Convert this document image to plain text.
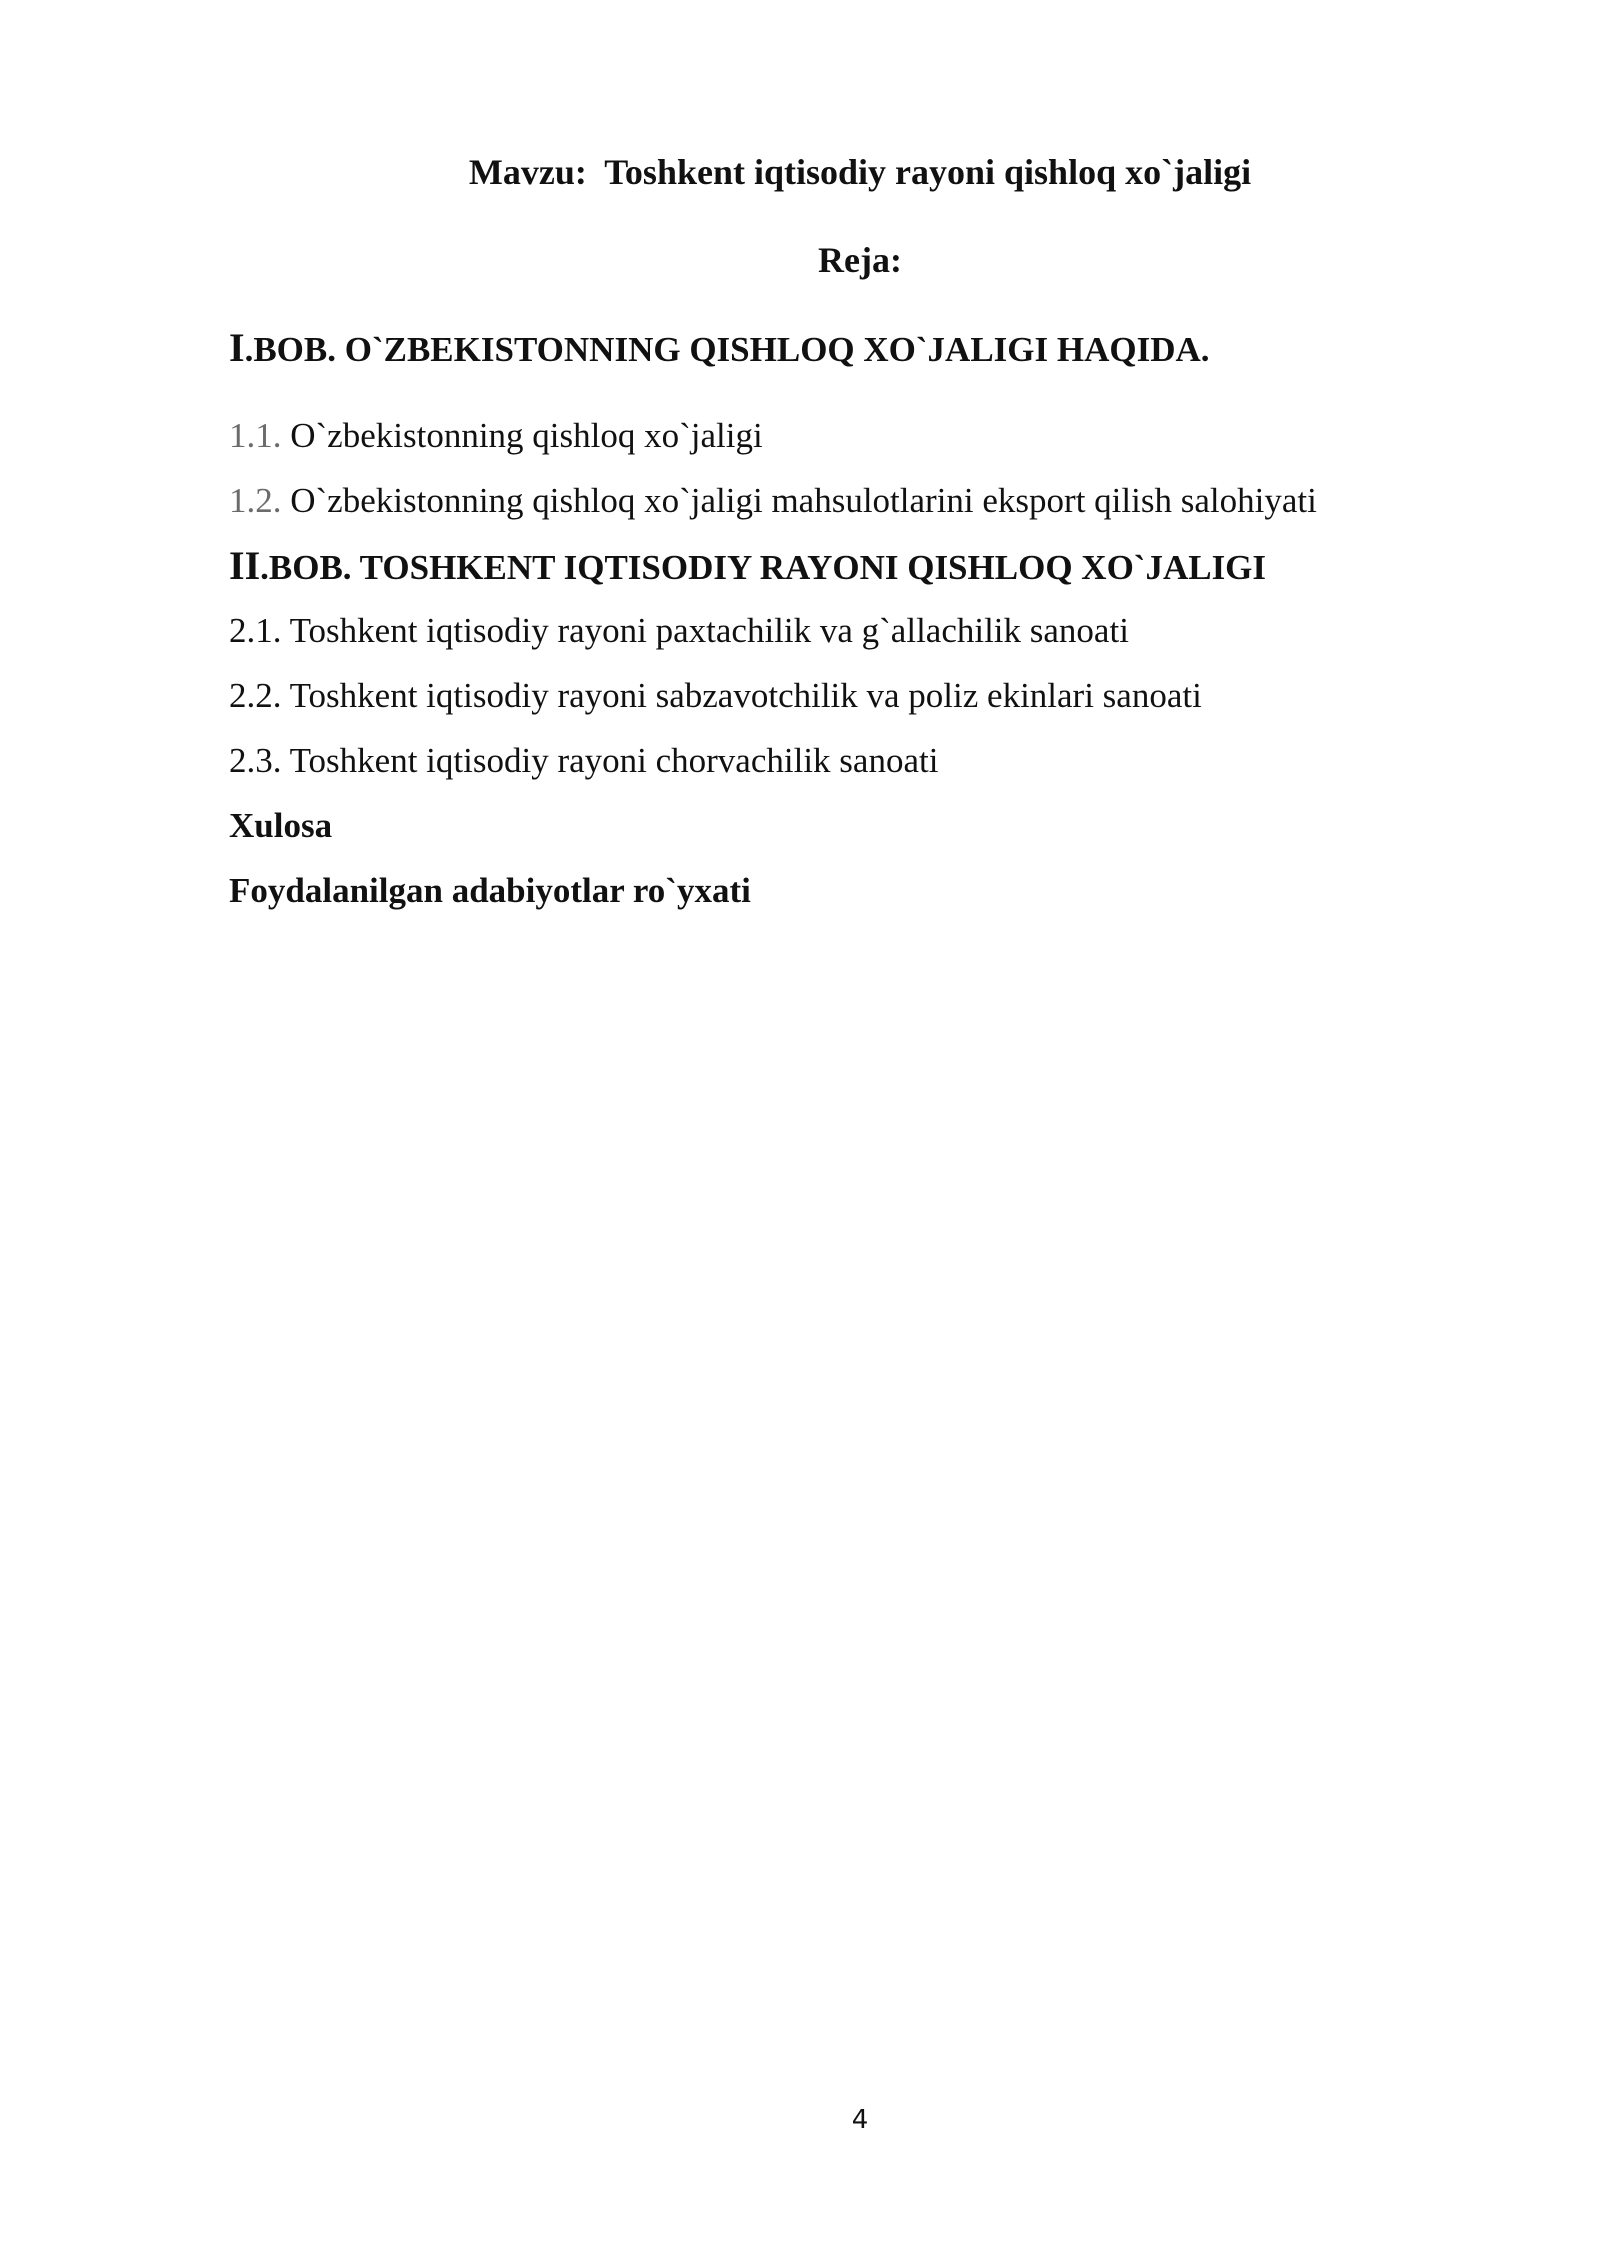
Mavzu:  Toshkent iqtisodiy rayoni qishloq xo`jaligi
Reja:
I.BOB. O`ZBEKISTONNING QISHLOQ XO`JALIGI HAQIDA.
1.1. O`zbekistonning qishloq xo`jaligi
1.2. O`zbekistonning qishloq xo`jaligi mahsulotlarini eksport qilish salohiyati
II.BOB. TOSHKENT IQTISODIY RAYONI QISHLOQ XO`JALIGI
2.1. Toshkent iqtisodiy rayoni paxtachilik va g`allachilik sanoati
2.2. Toshkent iqtisodiy rayoni sabzavotchilik va poliz ekinlari sanoati
2.3. Toshkent iqtisodiy rayoni chorvachilik sanoati
Xulosa
Foydalanilgan adabiyotlar ro`yxati
4
